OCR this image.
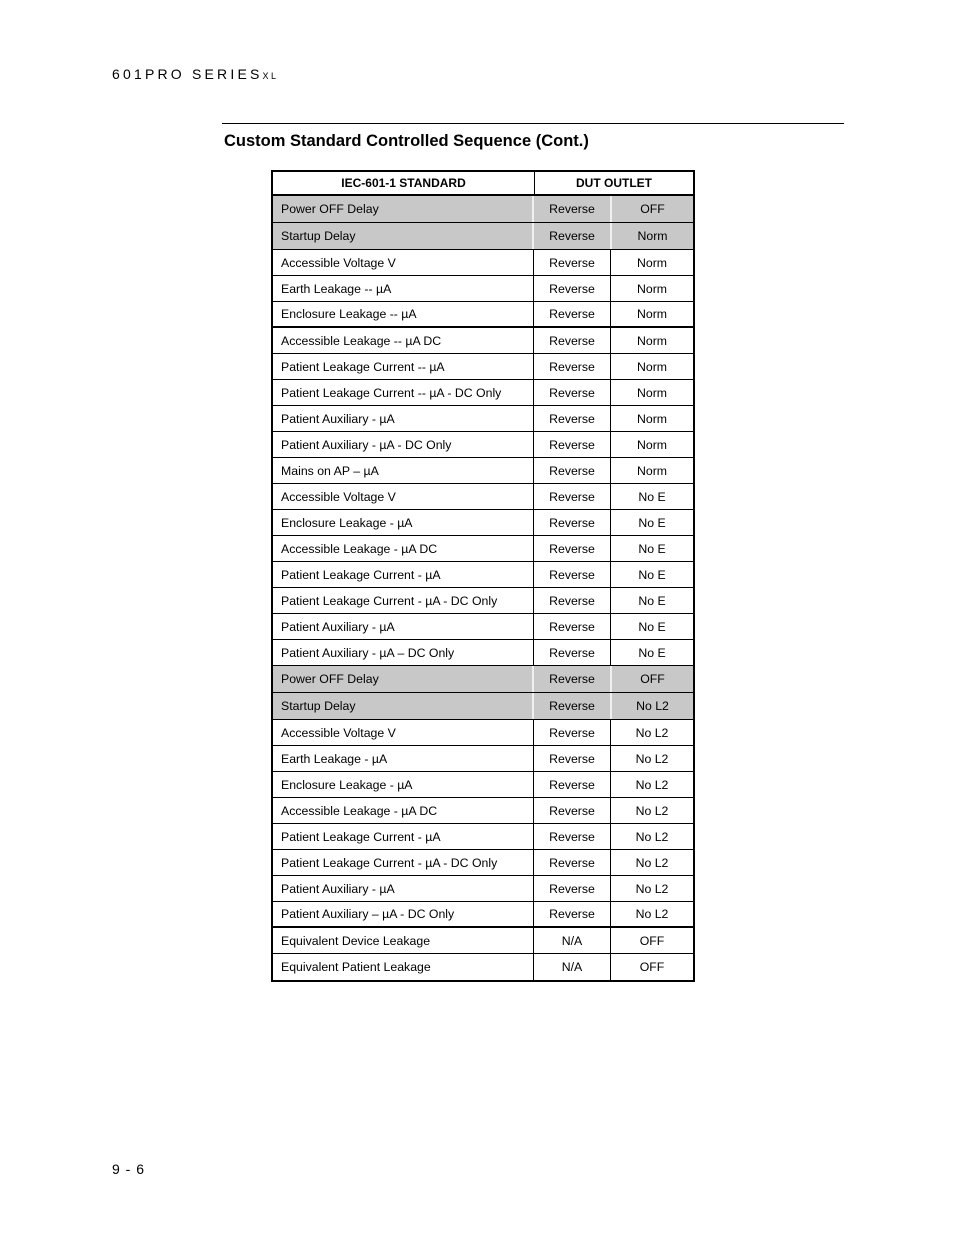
601PRO SERIESXL
Custom Standard Controlled Sequence (Cont.)
IEC-601-1 STANDARD	DUT OUTLET
Power OFF Delay	Reverse	OFF
Startup Delay	Reverse	Norm
Accessible Voltage V	Reverse	Norm
Earth Leakage -- µA	Reverse	Norm
Enclosure Leakage -- µA	Reverse	Norm
Accessible Leakage -- µA DC	Reverse	Norm
Patient Leakage Current -- µA	Reverse	Norm
Patient Leakage Current -- µA - DC Only	Reverse	Norm
Patient Auxiliary - µA	Reverse	Norm
Patient Auxiliary - µA - DC Only	Reverse	Norm
Mains on AP – µA	Reverse	Norm
Accessible Voltage V	Reverse	No E
Enclosure Leakage - µA	Reverse	No E
Accessible Leakage - µA DC	Reverse	No E
Patient Leakage Current - µA	Reverse	No E
Patient Leakage Current - µA - DC Only	Reverse	No E
Patient Auxiliary - µA	Reverse	No E
Patient Auxiliary - µA – DC Only	Reverse	No E
Power OFF Delay	Reverse	OFF
Startup Delay	Reverse	No L2
Accessible Voltage V	Reverse	No L2
Earth Leakage - µA	Reverse	No L2
Enclosure Leakage - µA	Reverse	No L2
Accessible Leakage - µA DC	Reverse	No L2
Patient Leakage Current - µA	Reverse	No L2
Patient Leakage Current - µA - DC Only	Reverse	No L2
Patient Auxiliary - µA	Reverse	No L2
Patient Auxiliary – µA - DC Only	Reverse	No L2
Equivalent Device Leakage	N/A	OFF
Equivalent Patient Leakage	N/A	OFF
9 - 6
